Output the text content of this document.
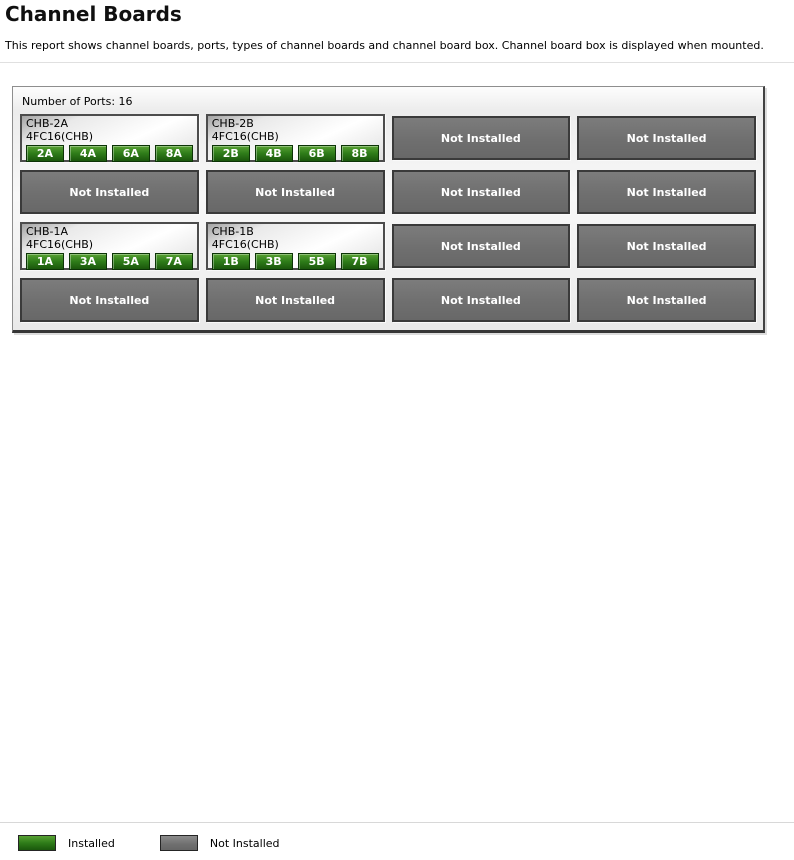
Channel Boards
This report shows channel boards, ports, types of channel boards and channel board box. Channel board box is displayed when mounted.
Number of Ports: 16
CHB-2A
4FC16(CHB)
2A	4A	6A	8A
CHB-2B
4FC16(CHB)
2B	4B	6B	8B
Not Installed	Not Installed
Not Installed	Not Installed	Not Installed	Not Installed
CHB-1A
4FC16(CHB)
1A	3A	5A	7A
CHB-1B
4FC16(CHB)
1B	3B	5B	7B
Not Installed	Not Installed
Not Installed	Not Installed	Not Installed	Not Installed
Installed	Not Installed
